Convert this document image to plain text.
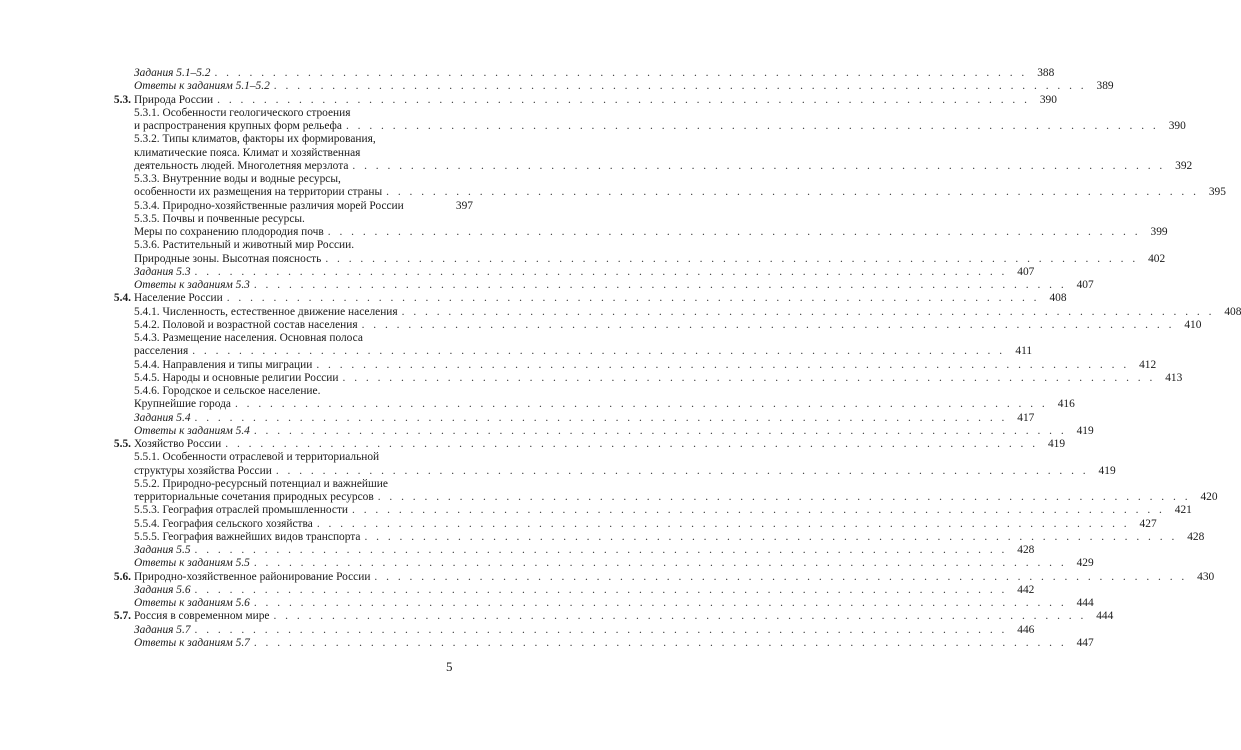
Задания 5.1–5.2 . . . . . . . . . . . . . . . . . . . . . . . . . . . . . . . . . . . . . . . . . . . . . . . . . . . . . . . . . . . . . . . . . . . . . . 388
Ответы к заданиям 5.1–5.2 . . . . . . . . . . . . . . . . . . . . . . . . . . . . . . . . . . . . . . . . . . . . . . . . . . . . . . . . . . . . . . . . . . . . . . 389
5.3. Природа России . . . . . . . . . . . . . . . . . . . . . . . . . . . . . . . . . . . . . . . . . . . . . . . . . . . . . . . . . . . . . . . . . . . . . . 390
5.3.1. Особенности геологического строения
и распространения крупных форм рельефа . . . . . . . . . . . . . . . . . . . . . . . . . . . . . . . . . . . . . . . . . . . . . . . . . . . . . . . . . . . . . . . . . . . . . . 390
5.3.2. Типы климатов, факторы их формирования,
климатические пояса. Климат и хозяйственная
деятельность людей. Многолетняя мерзлота . . . . . . . . . . . . . . . . . . . . . . . . . . . . . . . . . . . . . . . . . . . . . . . . . . . . . . . . . . . . . . . . . . . . . . 392
5.3.3. Внутренние воды и водные ресурсы,
особенности их размещения на территории страны . . . . . . . . . . . . . . . . . . . . . . . . . . . . . . . . . . . . . . . . . . . . . . . . . . . . . . . . . . . . . . . . . . . . . . 395
5.3.4. Природно-хозяйственные различия морей России	397
5.3.5. Почвы и почвенные ресурсы.
Меры по сохранению плодородия почв . . . . . . . . . . . . . . . . . . . . . . . . . . . . . . . . . . . . . . . . . . . . . . . . . . . . . . . . . . . . . . . . . . . . . . 399
5.3.6. Растительный и животный мир России.
Природные зоны. Высотная поясность . . . . . . . . . . . . . . . . . . . . . . . . . . . . . . . . . . . . . . . . . . . . . . . . . . . . . . . . . . . . . . . . . . . . . . 402
Задания 5.3 . . . . . . . . . . . . . . . . . . . . . . . . . . . . . . . . . . . . . . . . . . . . . . . . . . . . . . . . . . . . . . . . . . . . . . 407
Ответы к заданиям 5.3 . . . . . . . . . . . . . . . . . . . . . . . . . . . . . . . . . . . . . . . . . . . . . . . . . . . . . . . . . . . . . . . . . . . . . . 407
5.4. Население России . . . . . . . . . . . . . . . . . . . . . . . . . . . . . . . . . . . . . . . . . . . . . . . . . . . . . . . . . . . . . . . . . . . . . . 408
5.4.1. Численность, естественное движение населения . . . . . . . . . . . . . . . . . . . . . . . . . . . . . . . . . . . . . . . . . . . . . . . . . . . . . . . . . . . . . . . . . . . . . . 408
5.4.2. Половой и возрастной состав населения . . . . . . . . . . . . . . . . . . . . . . . . . . . . . . . . . . . . . . . . . . . . . . . . . . . . . . . . . . . . . . . . . . . . . . 410
5.4.3. Размещение населения. Основная полоса
расселения . . . . . . . . . . . . . . . . . . . . . . . . . . . . . . . . . . . . . . . . . . . . . . . . . . . . . . . . . . . . . . . . . . . . . . 411
5.4.4. Направления и типы миграции . . . . . . . . . . . . . . . . . . . . . . . . . . . . . . . . . . . . . . . . . . . . . . . . . . . . . . . . . . . . . . . . . . . . . . 412
5.4.5. Народы и основные религии России . . . . . . . . . . . . . . . . . . . . . . . . . . . . . . . . . . . . . . . . . . . . . . . . . . . . . . . . . . . . . . . . . . . . . . 413
5.4.6. Городское и сельское население.
Крупнейшие города . . . . . . . . . . . . . . . . . . . . . . . . . . . . . . . . . . . . . . . . . . . . . . . . . . . . . . . . . . . . . . . . . . . . . . 416
Задания 5.4 . . . . . . . . . . . . . . . . . . . . . . . . . . . . . . . . . . . . . . . . . . . . . . . . . . . . . . . . . . . . . . . . . . . . . . 417
Ответы к заданиям 5.4 . . . . . . . . . . . . . . . . . . . . . . . . . . . . . . . . . . . . . . . . . . . . . . . . . . . . . . . . . . . . . . . . . . . . . . 419
5.5. Хозяйство России . . . . . . . . . . . . . . . . . . . . . . . . . . . . . . . . . . . . . . . . . . . . . . . . . . . . . . . . . . . . . . . . . . . . . . 419
5.5.1. Особенности отраслевой и территориальной
структуры хозяйства России . . . . . . . . . . . . . . . . . . . . . . . . . . . . . . . . . . . . . . . . . . . . . . . . . . . . . . . . . . . . . . . . . . . . . . 419
5.5.2. Природно-ресурсный потенциал и важнейшие
территориальные сочетания природных ресурсов . . . . . . . . . . . . . . . . . . . . . . . . . . . . . . . . . . . . . . . . . . . . . . . . . . . . . . . . . . . . . . . . . . . . . . 420
5.5.3. География отраслей промышленности . . . . . . . . . . . . . . . . . . . . . . . . . . . . . . . . . . . . . . . . . . . . . . . . . . . . . . . . . . . . . . . . . . . . . . 421
5.5.4. География сельского хозяйства . . . . . . . . . . . . . . . . . . . . . . . . . . . . . . . . . . . . . . . . . . . . . . . . . . . . . . . . . . . . . . . . . . . . . . 427
5.5.5. География важнейших видов транспорта . . . . . . . . . . . . . . . . . . . . . . . . . . . . . . . . . . . . . . . . . . . . . . . . . . . . . . . . . . . . . . . . . . . . . . 428
Задания 5.5 . . . . . . . . . . . . . . . . . . . . . . . . . . . . . . . . . . . . . . . . . . . . . . . . . . . . . . . . . . . . . . . . . . . . . . 428
Ответы к заданиям 5.5 . . . . . . . . . . . . . . . . . . . . . . . . . . . . . . . . . . . . . . . . . . . . . . . . . . . . . . . . . . . . . . . . . . . . . . 429
5.6. Природно-хозяйственное районирование России . . . . . . . . . . . . . . . . . . . . . . . . . . . . . . . . . . . . . . . . . . . . . . . . . . . . . . . . . . . . . . . . . . . . . . 430
Задания 5.6 . . . . . . . . . . . . . . . . . . . . . . . . . . . . . . . . . . . . . . . . . . . . . . . . . . . . . . . . . . . . . . . . . . . . . . 442
Ответы к заданиям 5.6 . . . . . . . . . . . . . . . . . . . . . . . . . . . . . . . . . . . . . . . . . . . . . . . . . . . . . . . . . . . . . . . . . . . . . . 444
5.7. Россия в современном мире . . . . . . . . . . . . . . . . . . . . . . . . . . . . . . . . . . . . . . . . . . . . . . . . . . . . . . . . . . . . . . . . . . . . . . 444
Задания 5.7 . . . . . . . . . . . . . . . . . . . . . . . . . . . . . . . . . . . . . . . . . . . . . . . . . . . . . . . . . . . . . . . . . . . . . . 446
Ответы к заданиям 5.7 . . . . . . . . . . . . . . . . . . . . . . . . . . . . . . . . . . . . . . . . . . . . . . . . . . . . . . . . . . . . . . . . . . . . . . 447
5
